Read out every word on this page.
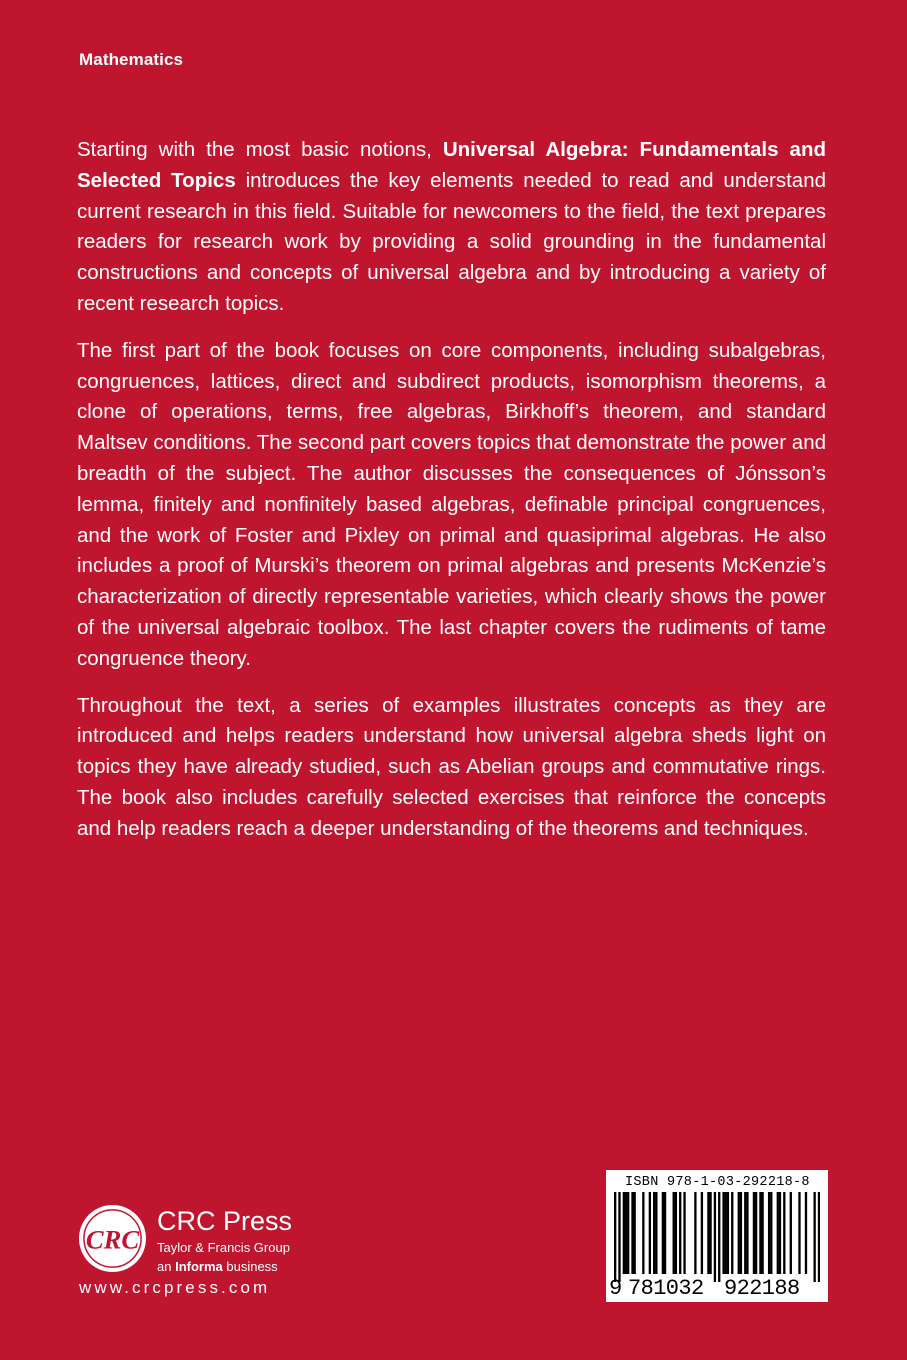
Mathematics

Starting with the most basic notions, Universal Algebra: Fundamentals and Selected Topics introduces the key elements needed to read and understand current research in this field. Suitable for newcomers to the field, the text prepares readers for research work by providing a solid grounding in the fundamental constructions and concepts of universal algebra and by introducing a variety of recent research topics.

The first part of the book focuses on core components, including subalgebras, congruences, lattices, direct and subdirect products, isomorphism theorems, a clone of operations, terms, free algebras, Birkhoff’s theorem, and standard Maltsev conditions. The second part covers topics that demonstrate the power and breadth of the subject. The author discusses the consequences of Jónsson’s lemma, finitely and nonfinitely based algebras, definable principal congruences, and the work of Foster and Pixley on primal and quasiprimal algebras. He also includes a proof of Murski’s theorem on primal algebras and presents McKenzie’s characterization of directly representable varieties, which clearly shows the power of the universal algebraic toolbox. The last chapter covers the rudiments of tame congruence theory.

Throughout the text, a series of examples illustrates concepts as they are introduced and helps readers understand how universal algebra sheds light on topics they have already studied, such as Abelian groups and commutative rings. The book also includes carefully selected exercises that reinforce the concepts and help readers reach a deeper understanding of the theorems and techniques.

CRC
CRC Press
Taylor & Francis Group
an Informa business
www.crcpress.com
ISBN 978-1-03-292218-8
9 781032 922188
